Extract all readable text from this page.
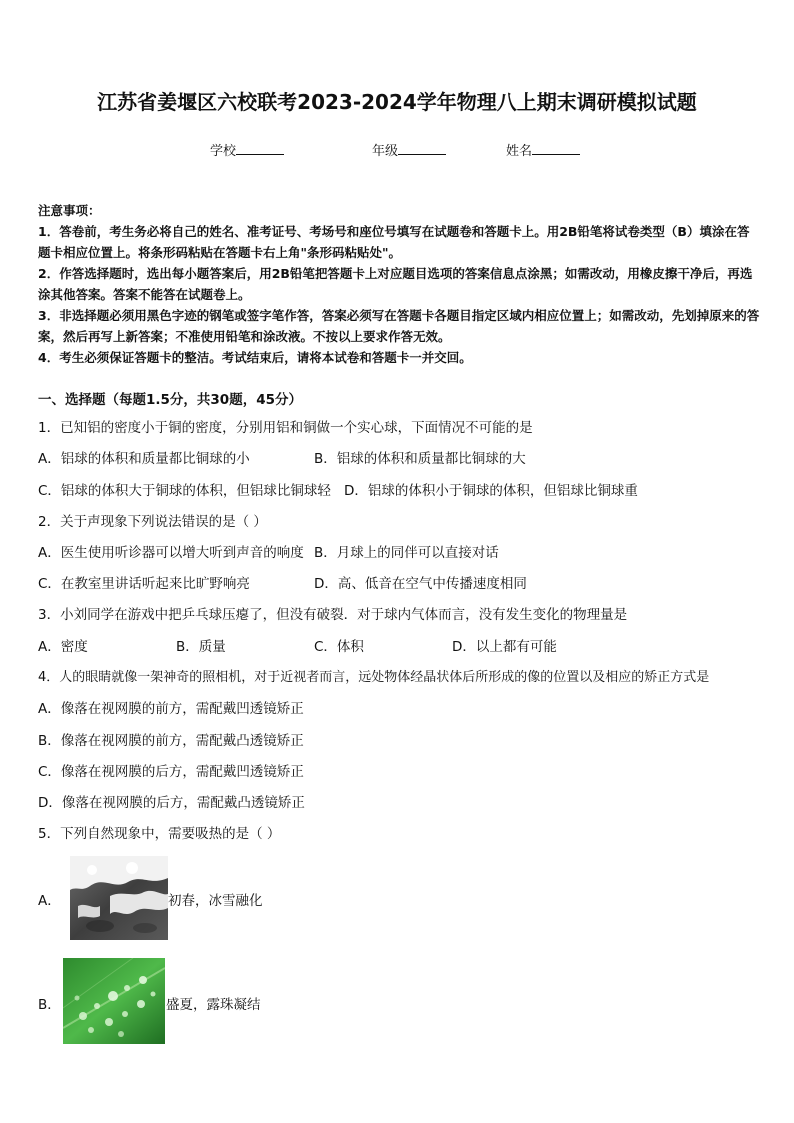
江苏省姜堰区六校联考2023-2024学年物理八上期末调研模拟试题
学校	年级	姓名
注意事项：
1．答卷前，考生务必将自己的姓名、准考证号、考场号和座位号填写在试题卷和答题卡上。用2B铅笔将试卷类型（B）填涂在答题卡相应位置上。将条形码粘贴在答题卡右上角"条形码粘贴处"。
2．作答选择题时，选出每小题答案后，用2B铅笔把答题卡上对应题目选项的答案信息点涂黑；如需改动，用橡皮擦干净后，再选涂其他答案。答案不能答在试题卷上。
3．非选择题必须用黑色字迹的钢笔或签字笔作答，答案必须写在答题卡各题目指定区域内相应位置上；如需改动，先划掉原来的答案，然后再写上新答案；不准使用铅笔和涂改液。不按以上要求作答无效。
4．考生必须保证答题卡的整洁。考试结束后，请将本试卷和答题卡一并交回。
一、选择题（每题1.5分，共30题，45分）
1．已知铝的密度小于铜的密度，分别用铝和铜做一个实心球，下面情况不可能的是
A．铝球的体积和质量都比铜球的小	B．铝球的体积和质量都比铜球的大
C．铝球的体积大于铜球的体积，但铝球比铜球轻 D．铝球的体积小于铜球的体积，但铝球比铜球重
2．关于声现象下列说法错误的是（ ）
A．医生使用听诊器可以增大听到声音的响度 B．月球上的同伴可以直接对话
C．在教室里讲话听起来比旷野响亮	D．高、低音在空气中传播速度相同
3．小刘同学在游戏中把乒乓球压瘪了，但没有破裂．对于球内气体而言，没有发生变化的物理量是
A．密度	B．质量	C．体积	D．以上都有可能
4．人的眼睛就像一架神奇的照相机，对于近视者而言，远处物体经晶状体后所形成的像的位置以及相应的矫正方式是
A．像落在视网膜的前方，需配戴凹透镜矫正
B．像落在视网膜的前方，需配戴凸透镜矫正
C．像落在视网膜的后方，需配戴凹透镜矫正
D．像落在视网膜的后方，需配戴凸透镜矫正
5．下列自然现象中，需要吸热的是（ ）
A．	初春，冰雪融化
B．	盛夏，露珠凝结
